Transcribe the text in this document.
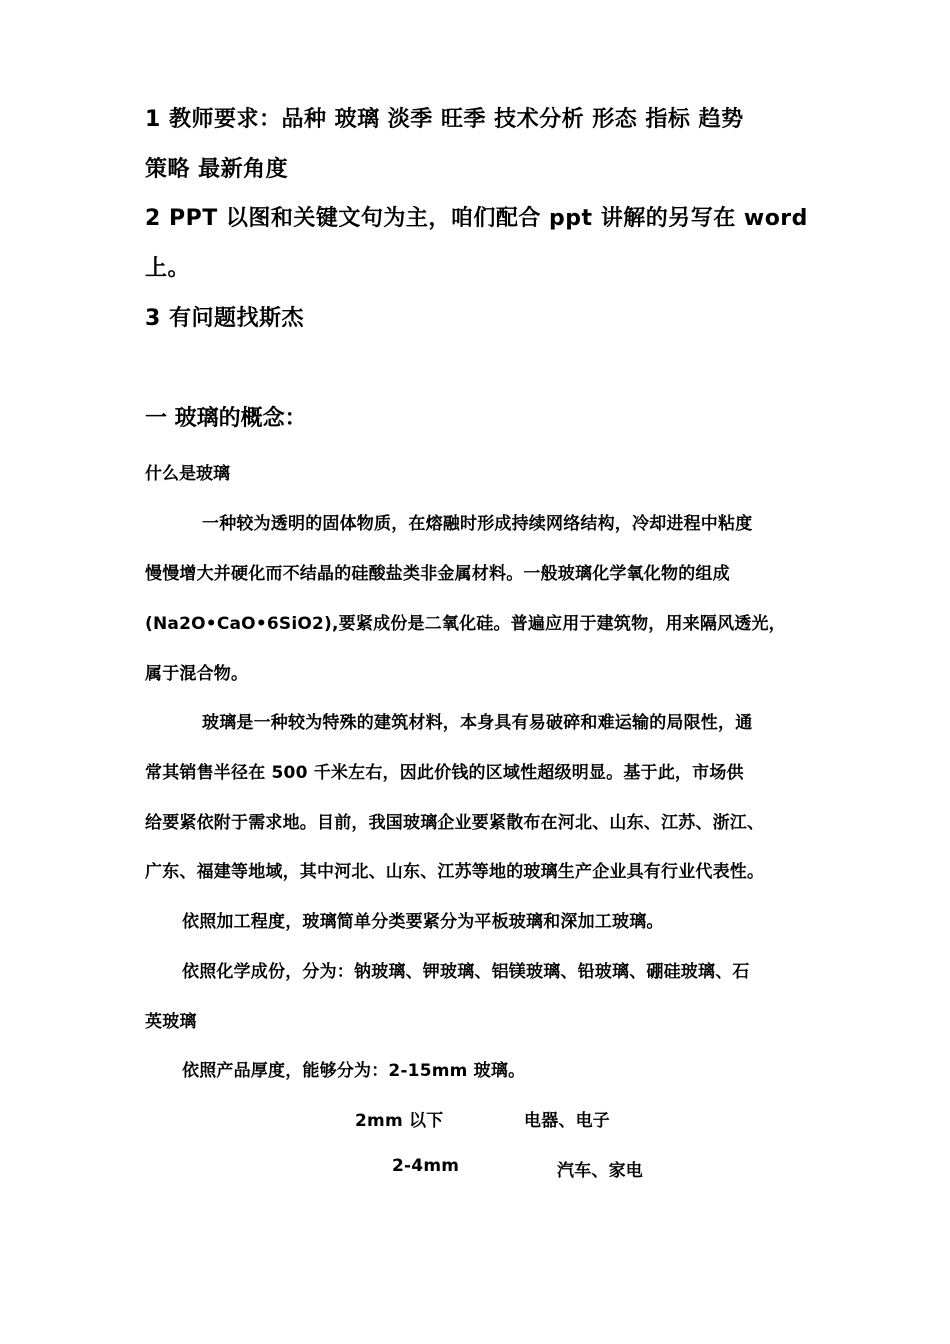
1 教师要求：品种 玻璃 淡季 旺季 技术分析 形态 指标 趋势
策略 最新角度
2 PPT 以图和关键文句为主，咱们配合 ppt 讲解的另写在 word
上。
3 有问题找斯杰
一 玻璃的概念：
什么是玻璃
一种较为透明的固体物质，在熔融时形成持续网络结构，冷却进程中粘度
慢慢增大并硬化而不结晶的硅酸盐类非金属材料。一般玻璃化学氧化物的组成
(Na2O•CaO•6SiO2),要紧成份是二氧化硅。普遍应用于建筑物，用来隔风透光，
属于混合物。
玻璃是一种较为特殊的建筑材料，本身具有易破碎和难运输的局限性，通
常其销售半径在 500 千米左右，因此价钱的区域性超级明显。基于此，市场供
给要紧依附于需求地。目前，我国玻璃企业要紧散布在河北、山东、江苏、浙江、
广东、福建等地域，其中河北、山东、江苏等地的玻璃生产企业具有行业代表性。
依照加工程度，玻璃简单分类要紧分为平板玻璃和深加工玻璃。
依照化学成份，分为：钠玻璃、钾玻璃、铝镁玻璃、铅玻璃、硼硅玻璃、石
英玻璃
依照产品厚度，能够分为：2-15mm 玻璃。
2mm 以下	电器、电子
2-4mm	汽车、家电
